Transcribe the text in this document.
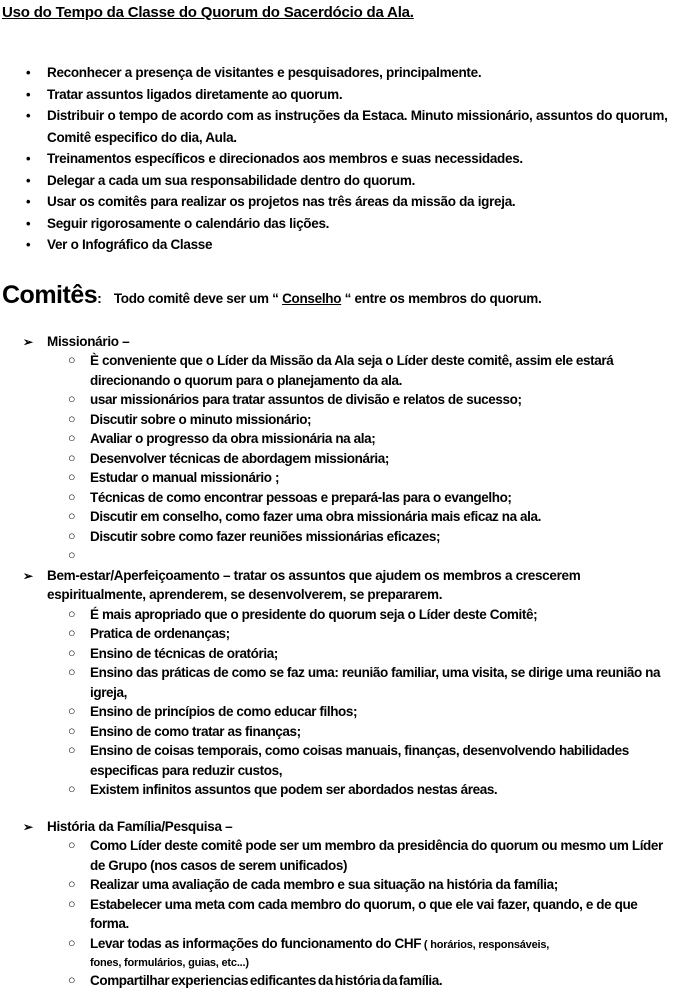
Uso do Tempo da Classe do Quorum do Sacerdócio da Ala.
• Reconhecer a presença de visitantes e pesquisadores, principalmente.
• Tratar assuntos ligados diretamente ao quorum.
• Distribuir o tempo de acordo com as instruções da Estaca. Minuto missionário, assuntos do quorum, Comitê especifico do dia, Aula.
• Treinamentos específicos e direcionados aos membros e suas necessidades.
• Delegar a cada um sua responsabilidade dentro do quorum.
• Usar os comitês para realizar os projetos nas três áreas da missão da igreja.
• Seguir rigorosamente o calendário das lições.
• Ver o Infográfico da Classe
Comitês : Todo comitê deve ser um “ Conselho “ entre os membros do quorum.
➢ Missionário –
○ È conveniente que o Líder da Missão da Ala seja o Líder deste comitê, assim ele estará direcionando o quorum para o planejamento da ala.
○ usar missionários para tratar assuntos de divisão e relatos de sucesso;
○ Discutir sobre o minuto missionário;
○ Avaliar o progresso da obra missionária na ala;
○ Desenvolver técnicas de abordagem missionária;
○ Estudar o manual missionário ;
○ Técnicas de como encontrar pessoas e prepará-las para o evangelho;
○ Discutir em conselho, como fazer uma obra missionária mais eficaz na ala.
○ Discutir sobre como fazer reuniões missionárias eficazes;
○
➢ Bem-estar/Aperfeiçoamento – tratar os assuntos que ajudem os membros a crescerem espiritualmente, aprenderem, se desenvolverem, se prepararem.
○ É mais apropriado que o presidente do quorum seja o Líder deste Comitê;
○ Pratica de ordenanças;
○ Ensino de técnicas de oratória;
○ Ensino das práticas de como se faz uma: reunião familiar, uma visita, se dirige uma reunião na igreja,
○ Ensino de princípios de como educar filhos;
○ Ensino de como tratar as finanças;
○ Ensino de coisas temporais, como coisas manuais, finanças, desenvolvendo habilidades especificas para reduzir custos,
○ Existem infinitos assuntos que podem ser abordados nestas áreas.
➢ História da Família/Pesquisa –
○ Como Líder deste comitê pode ser um membro da presidência do quorum ou mesmo um Líder de Grupo (nos casos de serem unificados)
○ Realizar uma avaliação de cada membro e sua situação na história da família;
○ Estabelecer uma meta com cada membro do quorum, o que ele vai fazer, quando, e de que forma.
○ Levar todas as informações do funcionamento do CHF ( horários, responsáveis,
fones, formulários, guias, etc...)
○ Compartilhar experiencias edificantes da história da família.
